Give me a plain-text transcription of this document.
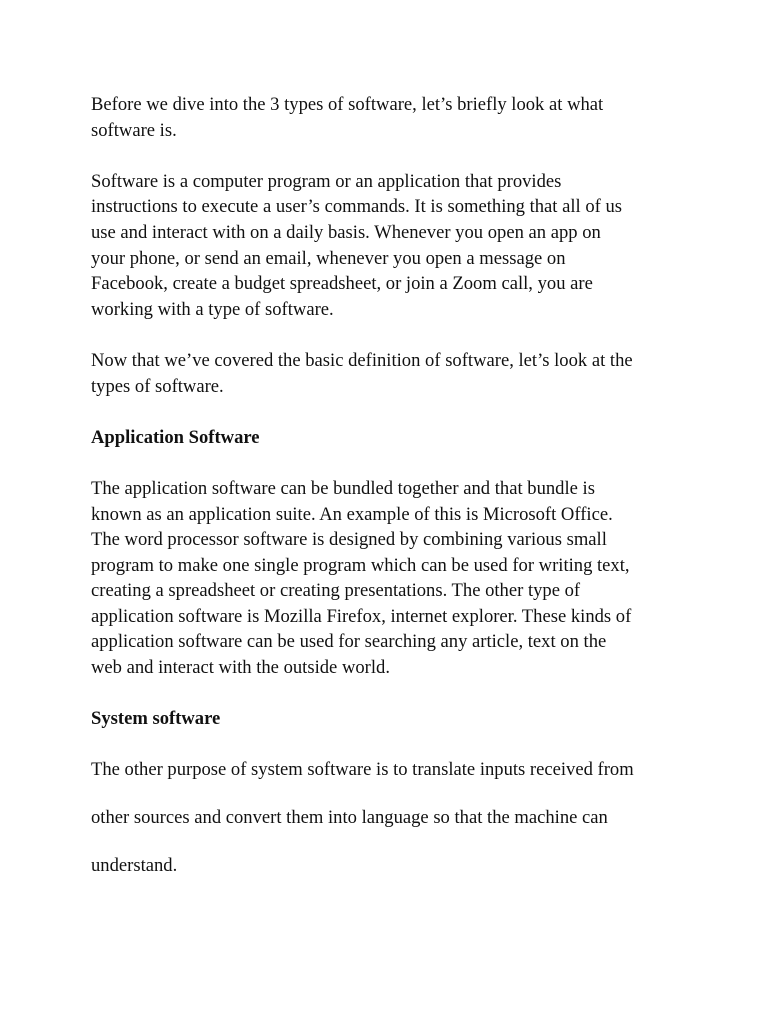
Before we dive into the 3 types of software, let’s briefly look at what
software is.

Software is a computer program or an application that provides
instructions to execute a user’s commands. It is something that all of us
use and interact with on a daily basis. Whenever you open an app on
your phone, or send an email, whenever you open a message on
Facebook, create a budget spreadsheet, or join a Zoom call, you are
working with a type of software.

Now that we’ve covered the basic definition of software, let’s look at the
types of software.

Application Software

The application software can be bundled together and that bundle is
known as an application suite. An example of this is Microsoft Office.
The word processor software is designed by combining various small
program to make one single program which can be used for writing text,
creating a spreadsheet or creating presentations. The other type of
application software is Mozilla Firefox, internet explorer. These kinds of
application software can be used for searching any article, text on the
web and interact with the outside world.

System software

The other purpose of system software is to translate inputs received from
other sources and convert them into language so that the machine can
understand.
